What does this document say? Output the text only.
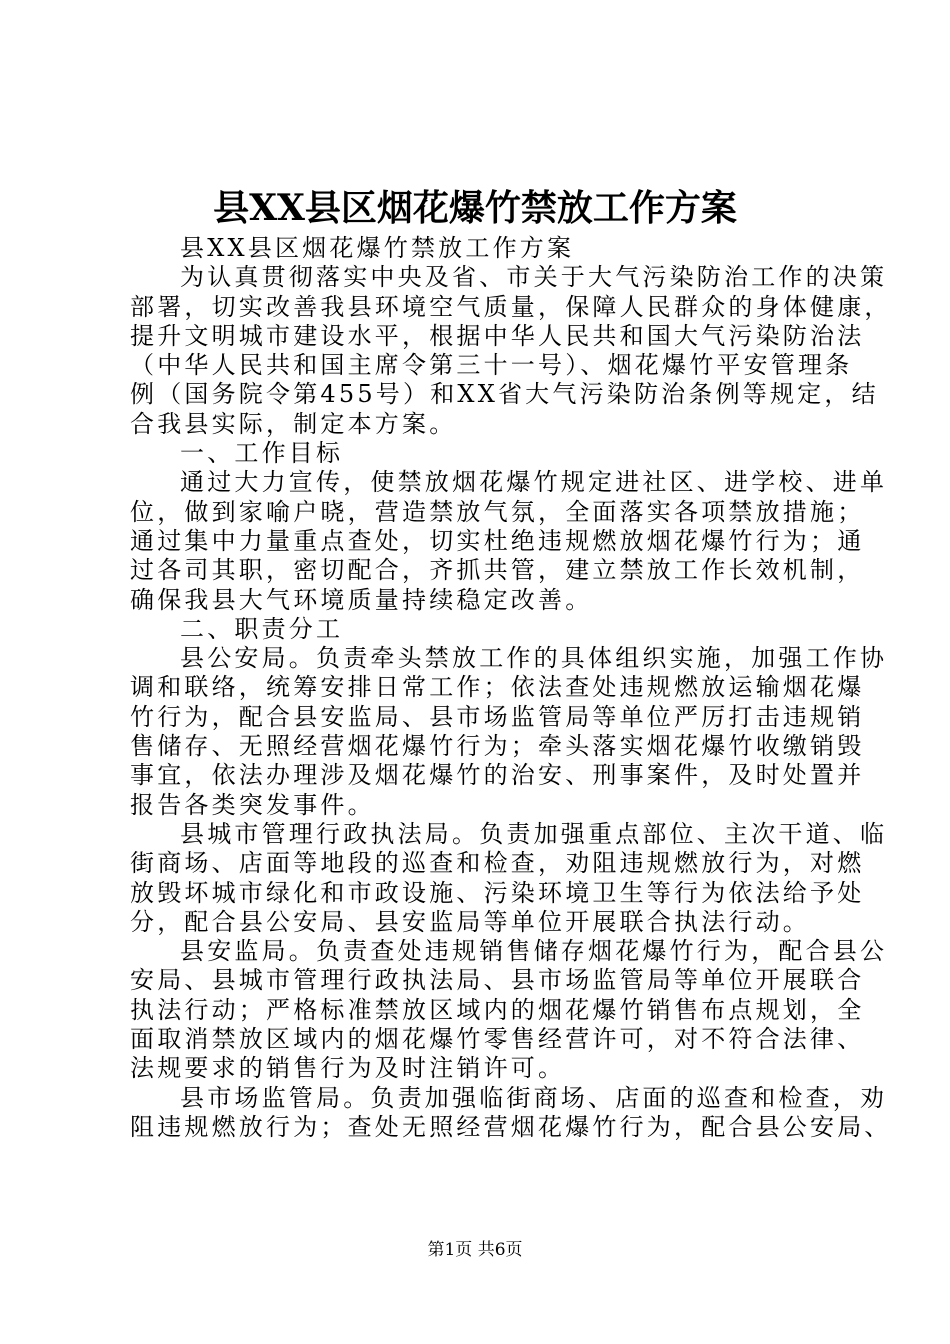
县XX县区烟花爆竹禁放工作方案
县XX县区烟花爆竹禁放工作方案
为认真贯彻落实中央及省、市关于大气污染防治工作的决策
部署，切实改善我县环境空气质量，保障人民群众的身体健康，
提升文明城市建设水平，根据中华人民共和国大气污染防治法
（中华人民共和国主席令第三十一号）、烟花爆竹平安管理条
例（国务院令第455号）和XX省大气污染防治条例等规定，结
合我县实际，制定本方案。
一、工作目标
通过大力宣传，使禁放烟花爆竹规定进社区、进学校、进单
位，做到家喻户晓，营造禁放气氛，全面落实各项禁放措施；
通过集中力量重点查处，切实杜绝违规燃放烟花爆竹行为；通
过各司其职，密切配合，齐抓共管，建立禁放工作长效机制，
确保我县大气环境质量持续稳定改善。
二、职责分工
县公安局。负责牵头禁放工作的具体组织实施，加强工作协
调和联络，统筹安排日常工作；依法查处违规燃放运输烟花爆
竹行为，配合县安监局、县市场监管局等单位严厉打击违规销
售储存、无照经营烟花爆竹行为；牵头落实烟花爆竹收缴销毁
事宜，依法办理涉及烟花爆竹的治安、刑事案件，及时处置并
报告各类突发事件。
县城市管理行政执法局。负责加强重点部位、主次干道、临
街商场、店面等地段的巡查和检查，劝阻违规燃放行为，对燃
放毁坏城市绿化和市政设施、污染环境卫生等行为依法给予处
分，配合县公安局、县安监局等单位开展联合执法行动。
县安监局。负责查处违规销售储存烟花爆竹行为，配合县公
安局、县城市管理行政执法局、县市场监管局等单位开展联合
执法行动；严格标准禁放区域内的烟花爆竹销售布点规划，全
面取消禁放区域内的烟花爆竹零售经营许可，对不符合法律、
法规要求的销售行为及时注销许可。
县市场监管局。负责加强临街商场、店面的巡查和检查，劝
阻违规燃放行为；查处无照经营烟花爆竹行为，配合县公安局、
第1页 共6页
